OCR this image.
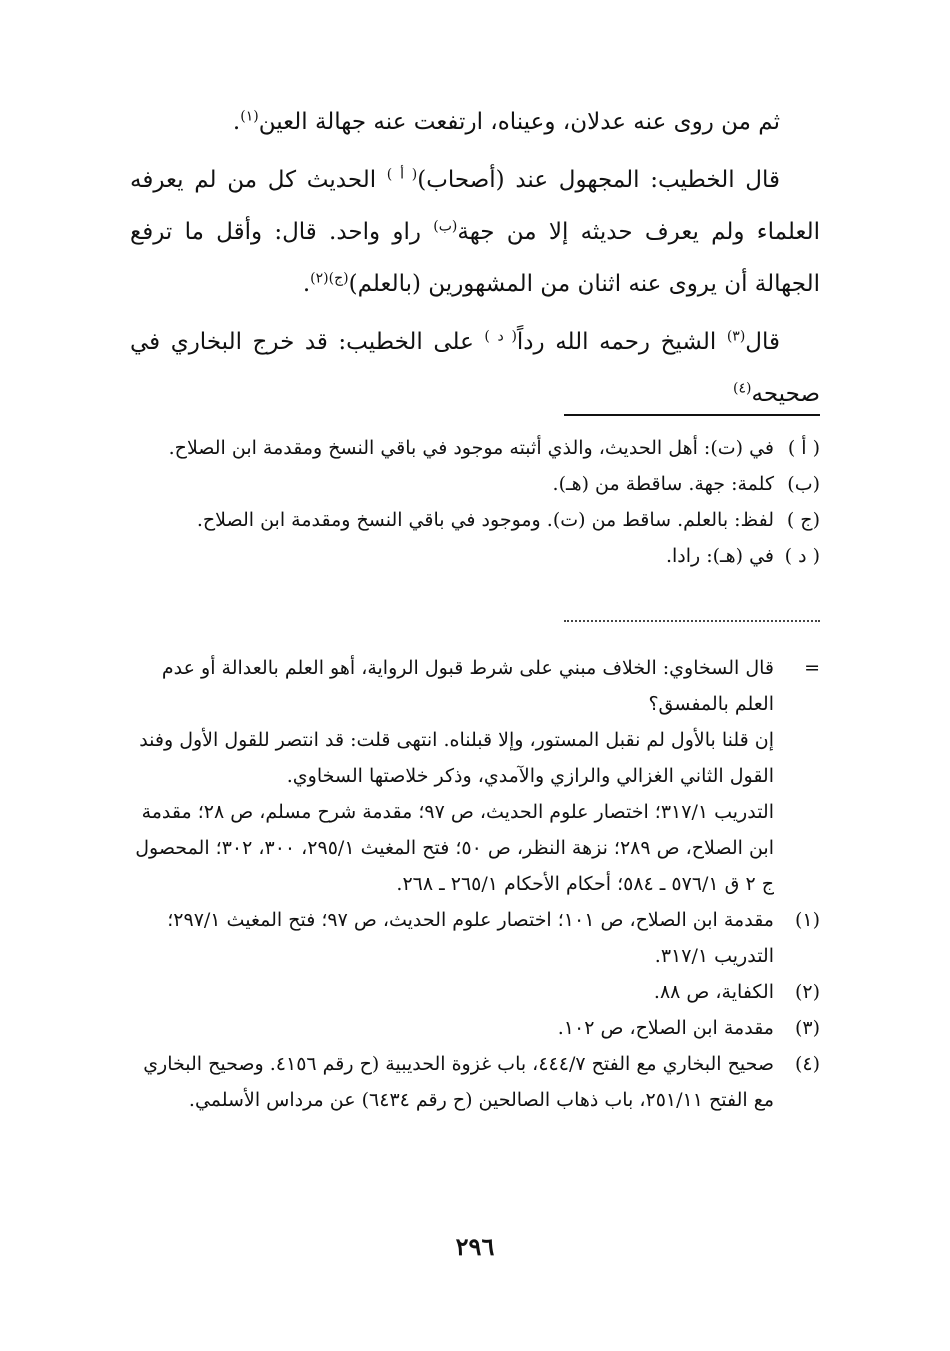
ثم من روى عنه عدلان، وعيناه، ارتفعت عنه جهالة العين$^{(١)}$.

قال الخطيب: المجهول عند (أصحاب)$^{( أ )}$ الحديث كل من لم يعرفه العلماء ولم يعرف حديثه إلا من جهة$^{(ب)}$ راو واحد. قال: وأقل ما ترفع الجهالة أن يروى عنه اثنان من المشهورين (بالعلم)$^{(ج)(٢)}$.

قال$^{(٣)}$ الشيخ رحمه الله رداً$^{( د )}$ على الخطيب: قد خرج البخاري في صحيحه$^{(٤)}$

( أ )
في (ت): أهل الحديث، والذي أثبته موجود في باقي النسخ ومقدمة ابن الصلاح.
(ب)
كلمة: جهة. ساقطة من (هـ).
(ج )
لفظ: بالعلم. ساقط من (ت). وموجود في باقي النسخ ومقدمة ابن الصلاح.
( د )
في (هـ): رادا.
=
قال السخاوي: الخلاف مبني على شرط قبول الرواية، أهو العلم بالعدالة أو عدم العلم بالمفسق؟
إن قلنا بالأول لم نقبل المستور، وإلا قبلناه. انتهى قلت: قد انتصر للقول الأول وفند القول الثاني الغزالي والرازي والآمدي، وذكر خلاصتها السخاوي.
التدريب ٣١٧/١؛ اختصار علوم الحديث، ص ٩٧؛ مقدمة شرح مسلم، ص ٢٨؛ مقدمة ابن الصلاح، ص ٢٨٩؛ نزهة النظر، ص ٥٠؛ فتح المغيث ٢٩٥/١، ٣٠٠، ٣٠٢؛ المحصول ج ٢ ق ٥٧٦/١ ـ ٥٨٤؛ أحكام الأحكام ٢٦٥/١ ـ ٢٦٨.
(١)
مقدمة ابن الصلاح، ص ١٠١؛ اختصار علوم الحديث، ص ٩٧؛ فتح المغيث ٢٩٧/١؛ التدريب ٣١٧/١.
(٢)
الكفاية، ص ٨٨.
(٣)
مقدمة ابن الصلاح، ص ١٠٢.
(٤)
صحيح البخاري مع الفتح ٤٤٤/٧، باب غزوة الحديبية (ح رقم ٤١٥٦. وصحيح البخاري مع الفتح ٢٥١/١١، باب ذهاب الصالحين (ح رقم ٦٤٣٤) عن مرداس الأسلمي.
٢٩٦
